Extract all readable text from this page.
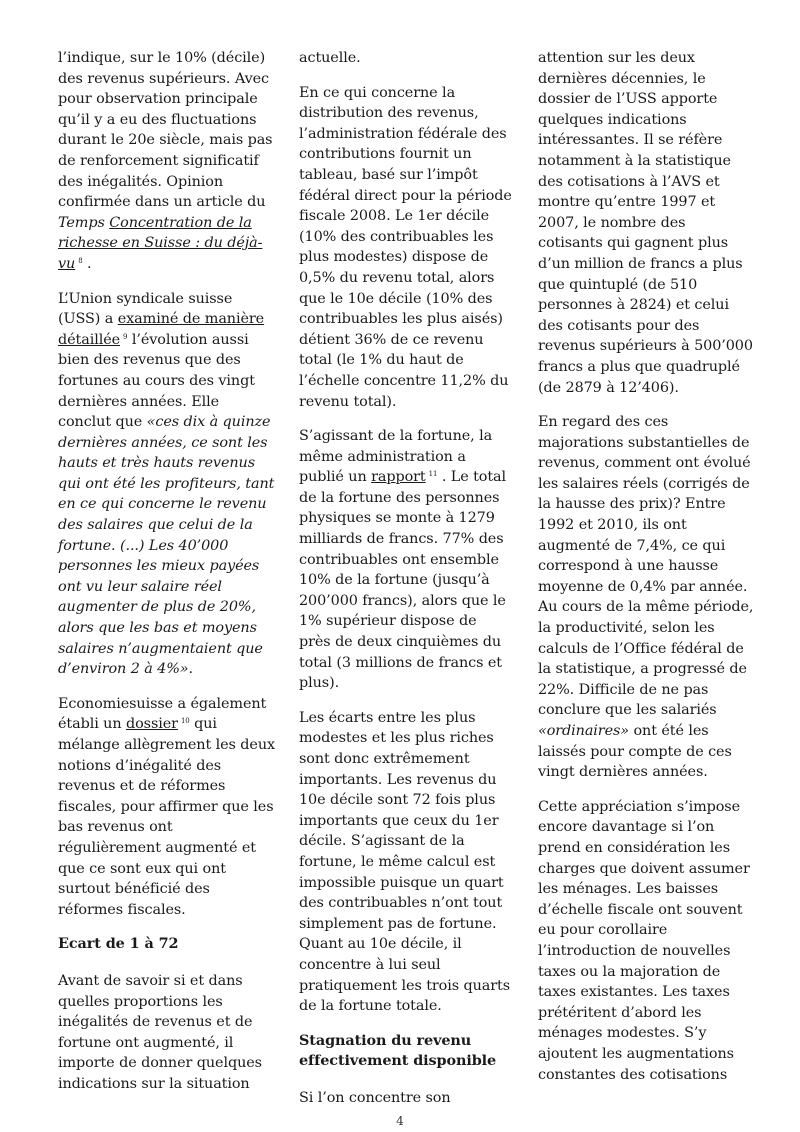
l’indique, sur le 10% (décile) des revenus supérieurs. Avec pour observation principale qu’il y a eu des fluctuations durant le 20e siècle, mais pas de renforcement significatif des inégalités. Opinion confirmée dans un article du Temps Concentration de la richesse en Suisse : du déjà-vu $^8$ .

L’Union syndicale suisse (USS) a examiné de manière détaillée $^9$ l’évolution aussi bien des revenus que des fortunes au cours des vingt dernières années. Elle conclut que «ces dix à quinze dernières années, ce sont les hauts et très hauts revenus qui ont été les profiteurs, tant en ce qui concerne le revenu des salaires que celui de la fortune. (...) Les 40’000 personnes les mieux payées ont vu leur salaire réel augmenter de plus de 20%, alors que les bas et moyens salaires n’augmentaient que d’environ 2 à 4%».

Economiesuisse a également établi un dossier $^{10}$ qui mélange allègrement les deux notions d’inégalité des revenus et de réformes fiscales, pour affirmer que les bas revenus ont régulièrement augmenté et que ce sont eux qui ont surtout bénéficié des réformes fiscales.

Ecart de 1 à 72

Avant de savoir si et dans quelles proportions les inégalités de revenus et de fortune ont augmenté, il importe de donner quelques indications sur la situation

actuelle.

En ce qui concerne la distribution des revenus, l’administration fédérale des contributions fournit un tableau, basé sur l’impôt fédéral direct pour la période fiscale 2008. Le 1er décile (10% des contribuables les plus modestes) dispose de 0,5% du revenu total, alors que le 10e décile (10% des contribuables les plus aisés) détient 36% de ce revenu total (le 1% du haut de l’échelle concentre 11,2% du revenu total).

S’agissant de la fortune, la même administration a publié un rapport $^{11}$ . Le total de la fortune des personnes physiques se monte à 1279 milliards de francs. 77% des contribuables ont ensemble 10% de la fortune (jusqu’à 200’000 francs), alors que le 1% supérieur dispose de près de deux cinquièmes du total (3 millions de francs et plus).

Les écarts entre les plus modestes et les plus riches sont donc extrêmement importants. Les revenus du 10e décile sont 72 fois plus importants que ceux du 1er décile. S’agissant de la fortune, le même calcul est impossible puisque un quart des contribuables n’ont tout simplement pas de fortune. Quant au 10e décile, il concentre à lui seul pratiquement les trois quarts de la fortune totale.

Stagnation du revenu effectivement disponible

Si l’on concentre son

attention sur les deux dernières décennies, le dossier de l’USS apporte quelques indications intéressantes. Il se réfère notamment à la statistique des cotisations à l’AVS et montre qu’entre 1997 et 2007, le nombre des cotisants qui gagnent plus d’un million de francs a plus que quintuplé (de 510 personnes à 2824) et celui des cotisants pour des revenus supérieurs à 500’000 francs a plus que quadruplé (de 2879 à 12’406).

En regard des ces majorations substantielles de revenus, comment ont évolué les salaires réels (corrigés de la hausse des prix)? Entre 1992 et 2010, ils ont augmenté de 7,4%, ce qui correspond à une hausse moyenne de 0,4% par année. Au cours de la même période, la productivité, selon les calculs de l’Office fédéral de la statistique, a progressé de 22%. Difficile de ne pas conclure que les salariés «ordinaires» ont été les laissés pour compte de ces vingt dernières années.

Cette appréciation s’impose encore davantage si l’on prend en considération les charges que doivent assumer les ménages. Les baisses d’échelle fiscale ont souvent eu pour corollaire l’introduction de nouvelles taxes ou la majoration de taxes existantes. Les taxes prétéritent d’abord les ménages modestes. S’y ajoutent les augmentations constantes des cotisations

4
